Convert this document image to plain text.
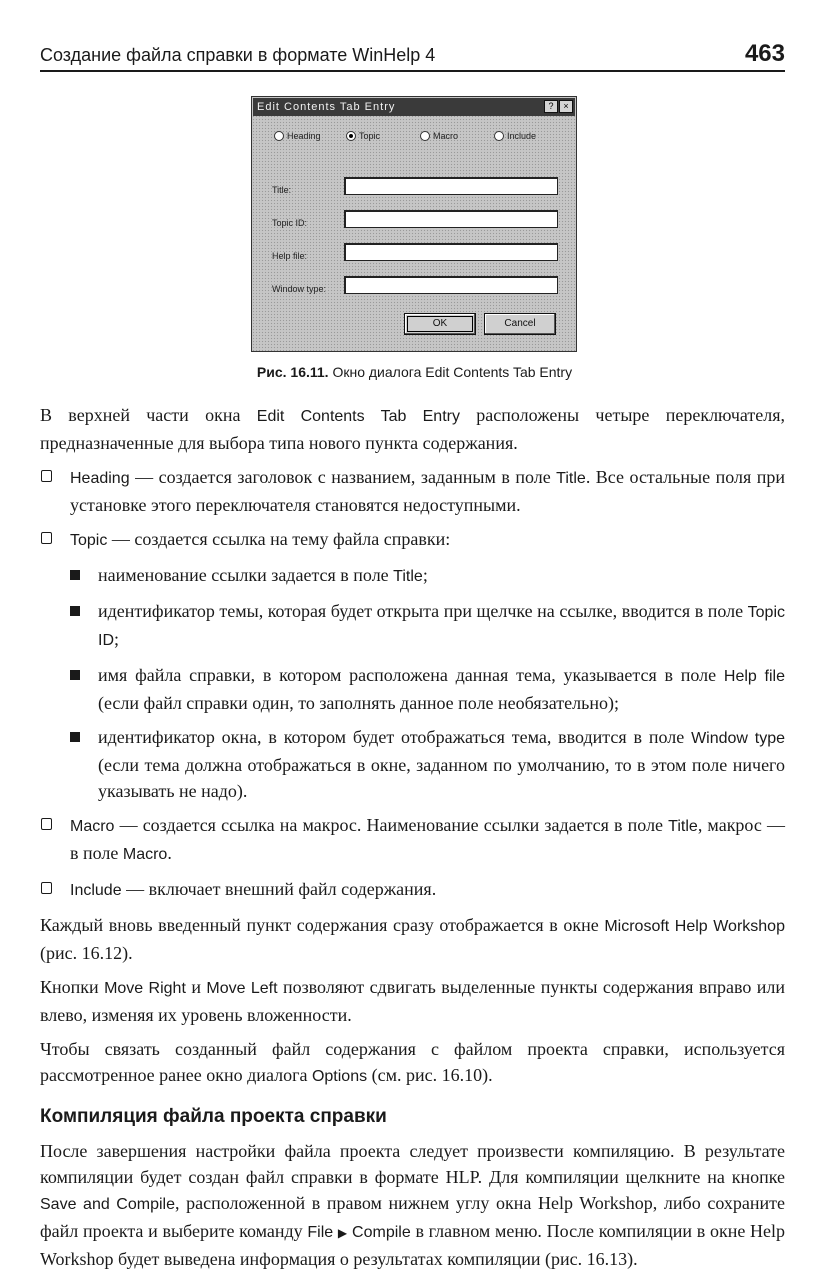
Создание файла справки в формате WinHelp 4	463
Edit Contents Tab Entry	?	×
Heading	Topic	Macro	Include
Title:
Topic ID:
Help file:
Window type:
OK	Cancel
Рис. 16.11. Окно диалога Edit Contents Tab Entry

В верхней части окна Edit Contents Tab Entry расположены четыре переключателя, предназначенные для выбора типа нового пункта содержания.

Heading — создается заголовок с названием, заданным в поле Title. Все остальные поля при установке этого переключателя становятся недоступными.
Topic — создается ссылка на тему файла справки:
наименование ссылки задается в поле Title;
идентификатор темы, которая будет открыта при щелчке на ссылке, вводится в поле Topic ID;
имя файла справки, в котором расположена данная тема, указывается в поле Help file (если файл справки один, то заполнять данное поле необязательно);
идентификатор окна, в котором будет отображаться тема, вводится в поле Window type (если тема должна отображаться в окне, заданном по умолчанию, то в этом поле ничего указывать не надо).
Macro — создается ссылка на макрос. Наименование ссылки задается в поле Title, макрос — в поле Macro.
Include — включает внешний файл содержания.

Каждый вновь введенный пункт содержания сразу отображается в окне Microsoft Help Workshop (рис. 16.12).

Кнопки Move Right и Move Left позволяют сдвигать выделенные пункты содержания вправо или влево, изменяя их уровень вложенности.

Чтобы связать созданный файл содержания с файлом проекта справки, используется рассмотренное ранее окно диалога Options (см. рис. 16.10).

Компиляция файла проекта справки

После завершения настройки файла проекта следует произвести компиляцию. В результате компиляции будет создан файл справки в формате HLP. Для компиляции щелкните на кнопке Save and Compile, расположенной в правом нижнем углу окна Help Workshop, либо сохраните файл проекта и выберите команду File ▶ Compile в главном меню. После компиляции в окне Help Workshop будет выведена информация о результатах компиляции (рис. 16.13).
